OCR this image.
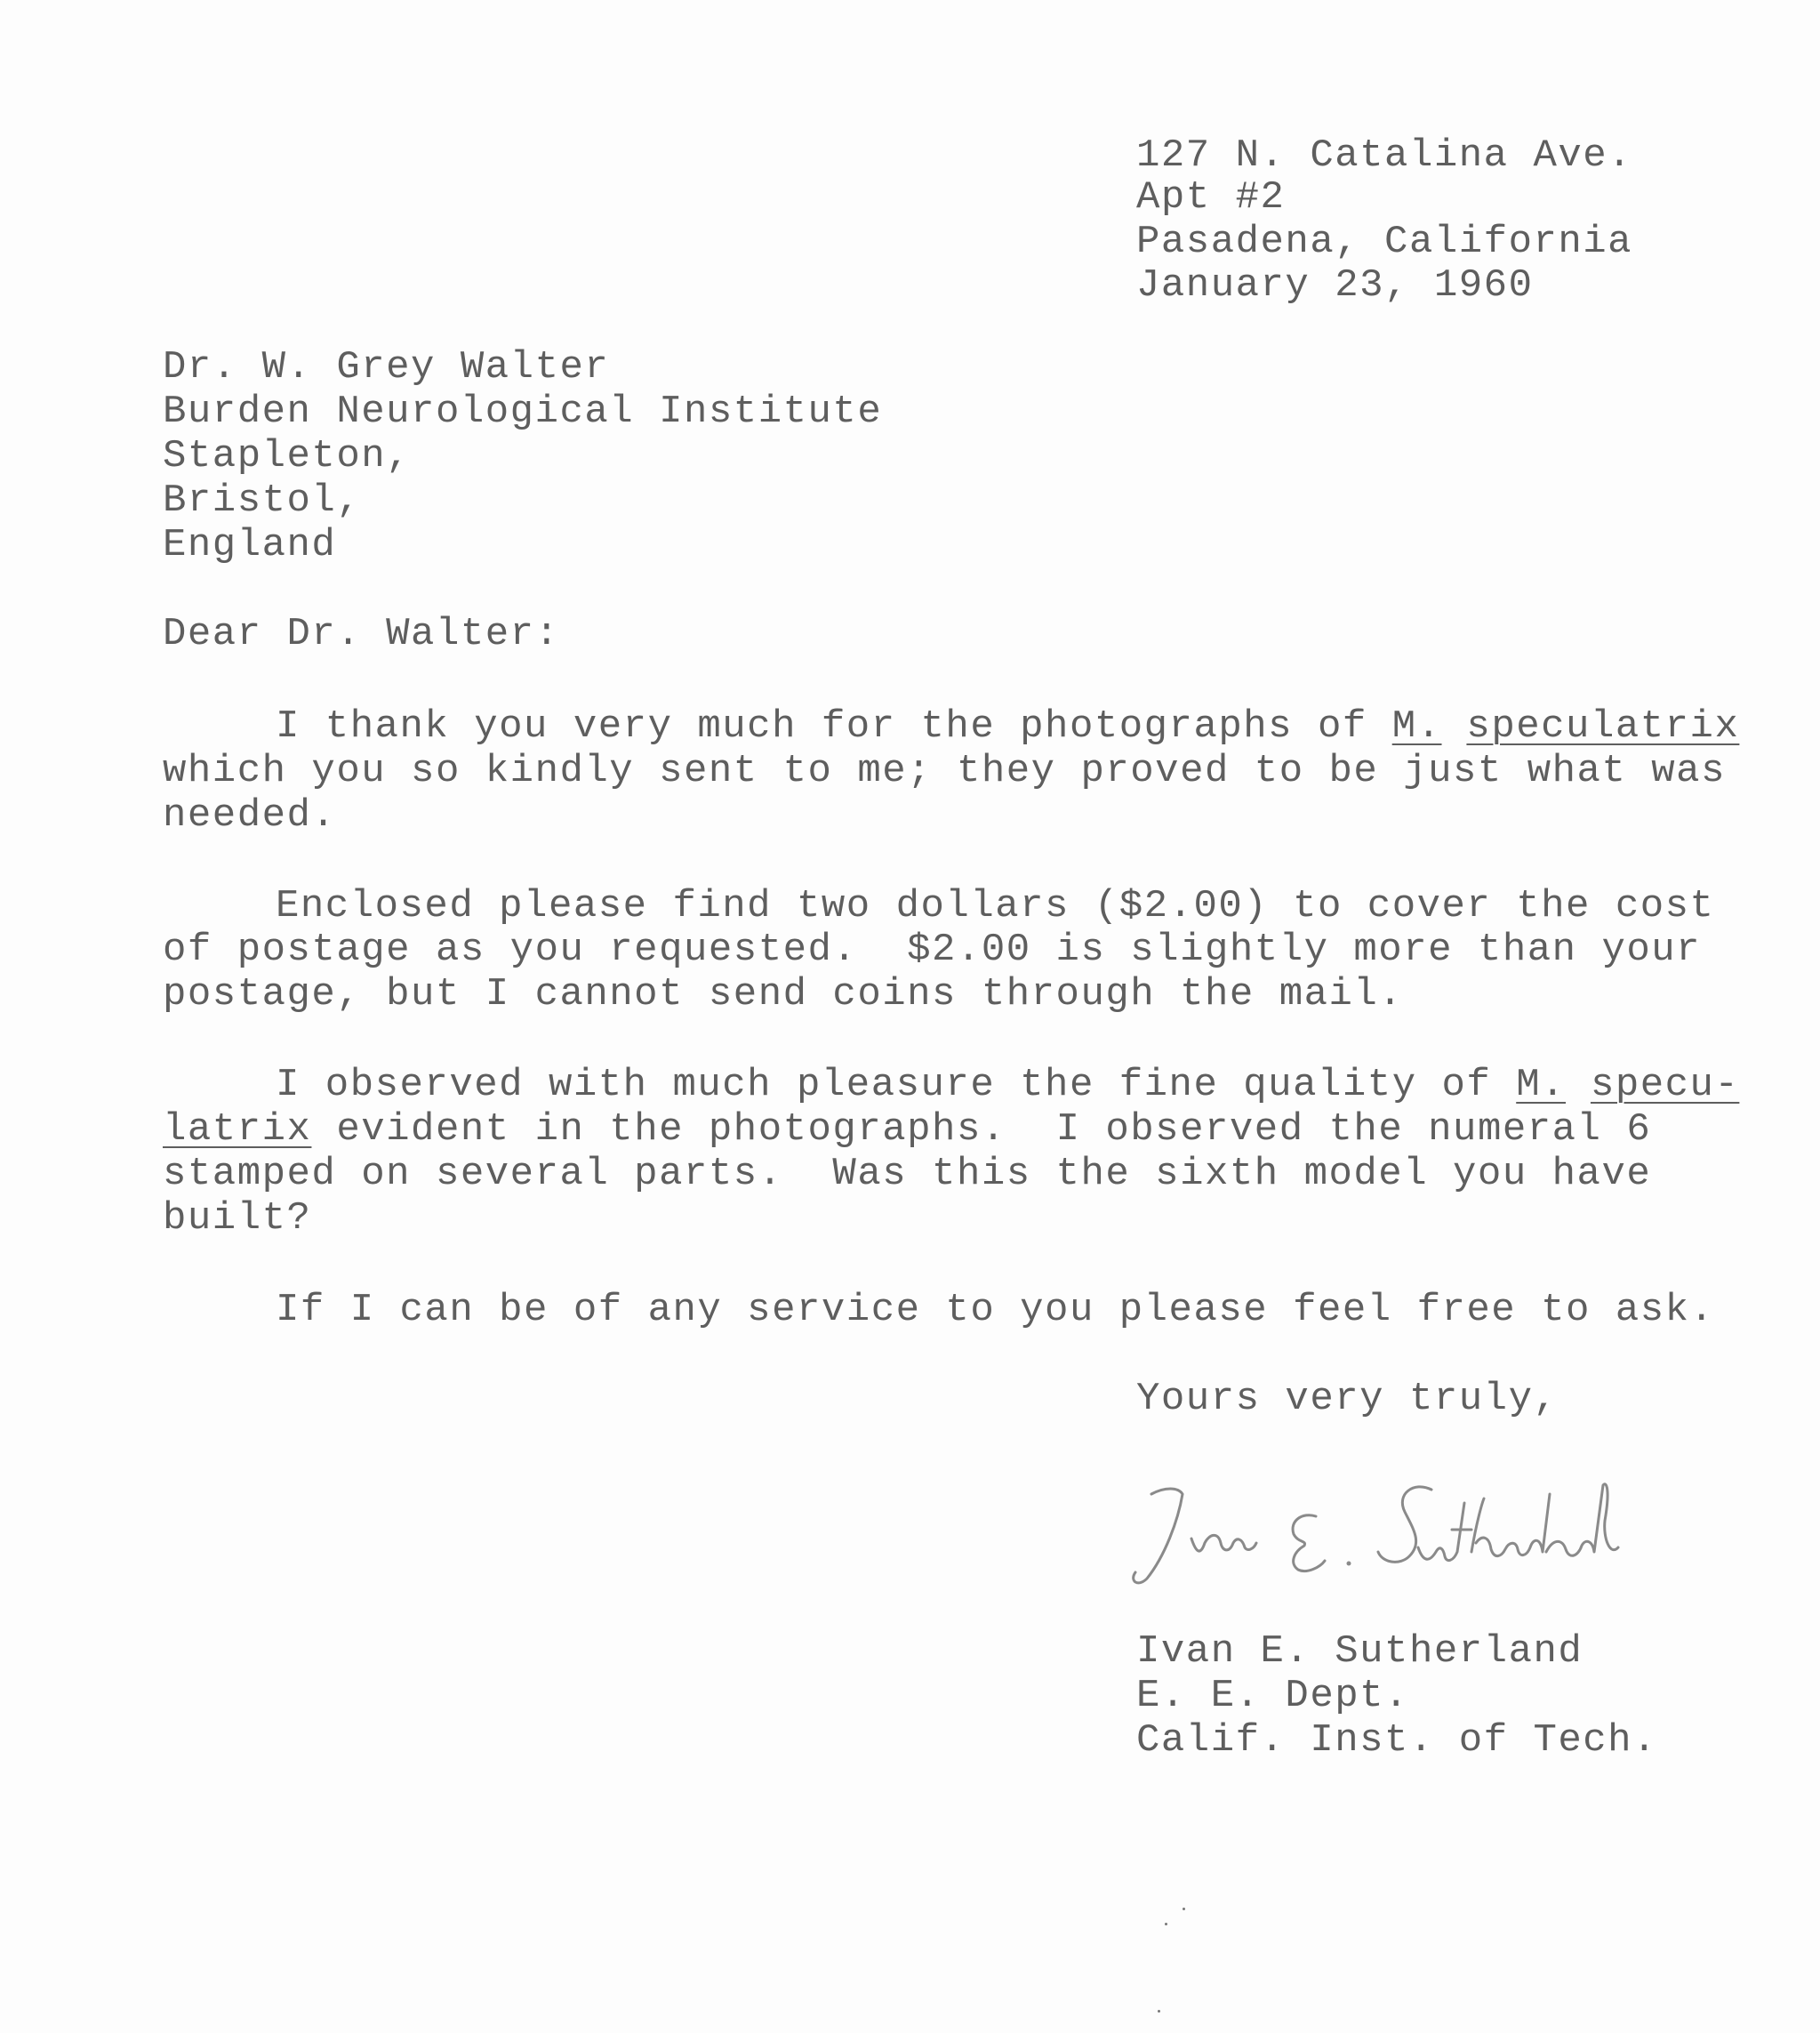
127 N. Catalina Ave.
Apt #2
Pasadena, California
January 23, 1960
Dr. W. Grey Walter
Burden Neurological Institute
Stapleton,
Bristol,
England
Dear Dr. Walter:
I thank you very much for the photographs of M. speculatrix
which you so kindly sent to me; they proved to be just what was
needed.
Enclosed please find two dollars ($2.00) to cover the cost
of postage as you requested.  $2.00 is slightly more than your
postage, but I cannot send coins through the mail.
I observed with much pleasure the fine quality of M. specu-
latrix evident in the photographs.  I observed the numeral 6
stamped on several parts.  Was this the sixth model you have
built?
If I can be of any service to you please feel free to ask.
Yours very truly,
Ivan E. Sutherland
E. E. Dept.
Calif. Inst. of Tech.
